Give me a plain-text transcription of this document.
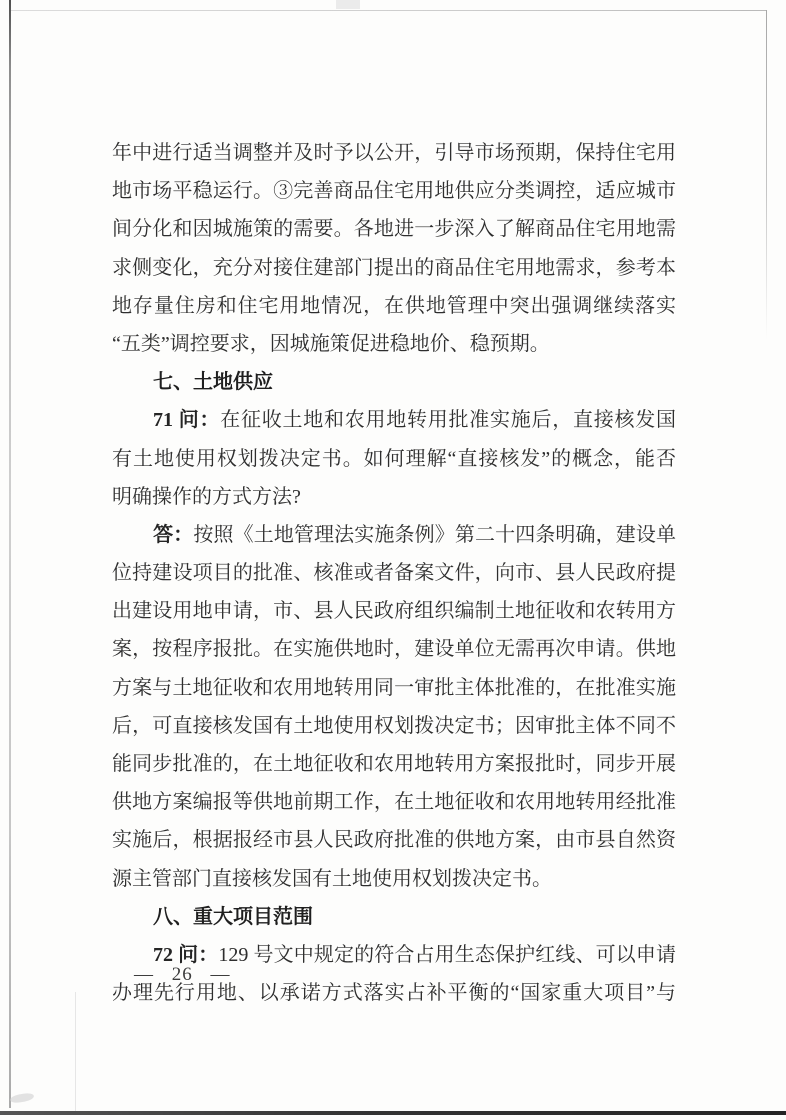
年中进行适当调整并及时予以公开，引导市场预期，保持住宅用
地市场平稳运行。③完善商品住宅用地供应分类调控，适应城市
间分化和因城施策的需要。各地进一步深入了解商品住宅用地需
求侧变化，充分对接住建部门提出的商品住宅用地需求，参考本
地存量住房和住宅用地情况，在供地管理中突出强调继续落实
“五类”调控要求，因城施策促进稳地价、稳预期。
七、土地供应
71 问：在征收土地和农用地转用批准实施后，直接核发国
有土地使用权划拨决定书。如何理解“直接核发”的概念，能否
明确操作的方式方法?
答：按照《土地管理法实施条例》第二十四条明确，建设单
位持建设项目的批准、核准或者备案文件，向市、县人民政府提
出建设用地申请，市、县人民政府组织编制土地征收和农转用方
案，按程序报批。在实施供地时，建设单位无需再次申请。供地
方案与土地征收和农用地转用同一审批主体批准的，在批准实施
后，可直接核发国有土地使用权划拨决定书；因审批主体不同不
能同步批准的，在土地征收和农用地转用方案报批时，同步开展
供地方案编报等供地前期工作，在土地征收和农用地转用经批准
实施后，根据报经市县人民政府批准的供地方案，由市县自然资
源主管部门直接核发国有土地使用权划拨决定书。
八、重大项目范围
72 问：129 号文中规定的符合占用生态保护红线、可以申请
办理先行用地、以承诺方式落实占补平衡的“国家重大项目”与
— 26 —
